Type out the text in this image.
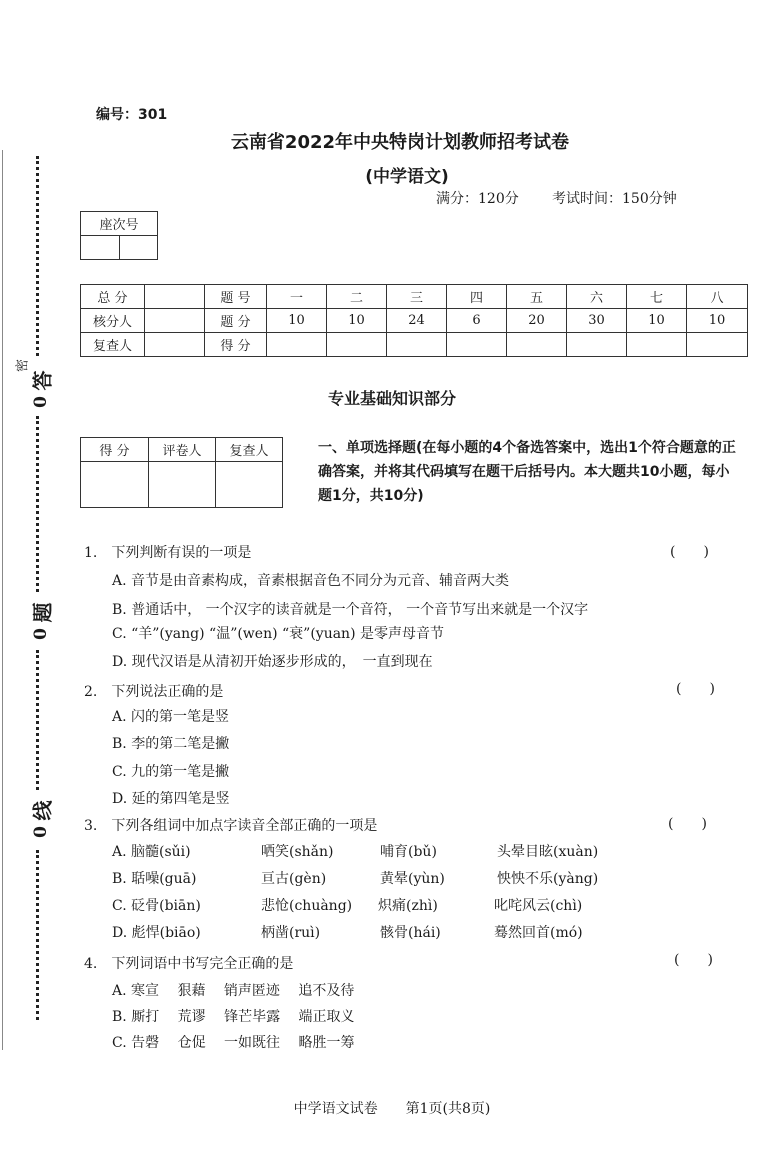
密
0
答
题
0
线
0
编号：301
云南省2022年中央特岗计划教师招考试卷
(中学语文)
满分：120分 考试时间：150分钟
座次号

总 分		题 号	一	二	三	四	五	六	七	八
核分人		题 分	10	10	24	6	20	30	10	10
复查人		得 分								
专业基础知识部分
得 分	评卷人	复查人
			一、单项选择题(在每小题的4个备选答案中，选出1个符合题意的正确答案，并将其代码填写在题干后括号内。本大题共10小题，每小题1分，共10分)
1.　下列判断有误的一项是	(　　)
A. 音节是由音素构成，音素根据音色不同分为元音、辅音两大类
B. 普通话中， 一个汉字的读音就是一个音符， 一个音节写出来就是一个汉字
C. “羊”(yang) “温”(wen) “衰”(yuan) 是零声母音节
D. 现代汉语是从清初开始逐步形成的，　一直到现在
2.　下列说法正确的是	(　　)
A. 闪的第一笔是竖
B. 李的第二笔是撇
C. 九的第一笔是撇
D. 延的第四笔是竖
3.　下列各组词中加点字读音全部正确的一项是	(　　)
A. 脑髓(sǔi)	哂笑(shǎn)	哺育(bǔ)	头晕目眩(xuàn)
B. 聒噪(guā)	亘古(gèn)	黄晕(yùn)	怏怏不乐(yàng)
C. 砭骨(biān)	悲怆(chuàng) 炽痛(zhì)	叱咤风云(chì)
D. 彪悍(biāo)	柄凿(ruì)	骸骨(hái)	蓦然回首(mó)
4.　下列词语中书写完全正确的是	(　　)
A. 寒宣　 狠藉　 销声匿迹　 追不及待
B. 厮打　 荒谬　 锋芒毕露　 端正取义
C. 告磬　 仓促　 一如既往　 略胜一筹
中学语文试卷　　第1页(共8页)
